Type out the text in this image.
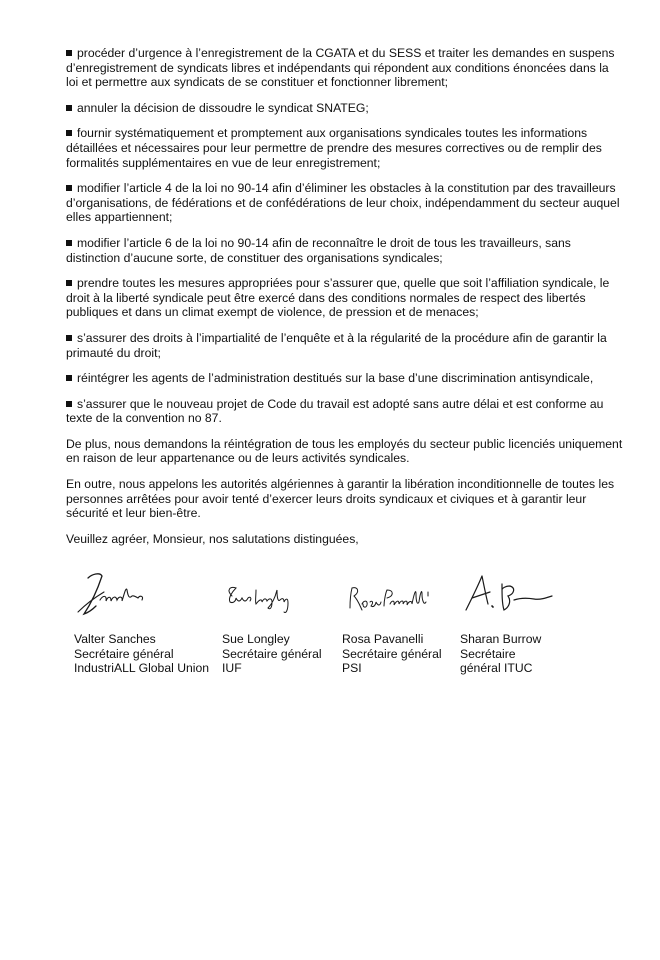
procéder d’urgence à l’enregistrement de la CGATA et du SESS et traiter les demandes en suspens d’enregistrement de syndicats libres et indépendants qui répondent aux conditions énoncées dans la loi et permettre aux syndicats de se constituer et fonctionner librement;

annuler la décision de dissoudre le syndicat SNATEG;

fournir systématiquement et promptement aux organisations syndicales toutes les informations détaillées et nécessaires pour leur permettre de prendre des mesures correctives ou de remplir des formalités supplémentaires en vue de leur enregistrement;

modifier l’article 4 de la loi no 90-14 afin d’éliminer les obstacles à la constitution par des travailleurs d’organisations, de fédérations et de confédérations de leur choix, indépendamment du secteur auquel elles appartiennent;

modifier l’article 6 de la loi no 90-14 afin de reconnaître le droit de tous les travailleurs, sans distinction d’aucune sorte, de constituer des organisations syndicales;

prendre toutes les mesures appropriées pour s’assurer que, quelle que soit l’affiliation syndicale, le droit à la liberté syndicale peut être exercé dans des conditions normales de respect des libertés publiques et dans un climat exempt de violence, de pression et de menaces;

s’assurer des droits à l’impartialité de l’enquête et à la régularité de la procédure afin de garantir la primauté du droit;

réintégrer les agents de l’administration destitués sur la base d’une discrimination antisyndicale,

s’assurer que le nouveau projet de Code du travail est adopté sans autre délai et est conforme au texte de la convention no 87.

De plus, nous demandons la réintégration de tous les employés du secteur public licenciés uniquement en raison de leur appartenance ou de leurs activités syndicales.

En outre, nous appelons les autorités algériennes à garantir la libération inconditionnelle de toutes les personnes arrêtées pour avoir tenté d’exercer leurs droits syndicaux et civiques et à garantir leur sécurité et leur bien-être.

Veuillez agréer, Monsieur, nos salutations distinguées,

Valter Sanches
Secrétaire général
IndustriALL Global Union
Sue Longley
Secrétaire général
IUF
Rosa Pavanelli
Secrétaire général
PSI
Sharan Burrow
Secrétaire
général ITUC
